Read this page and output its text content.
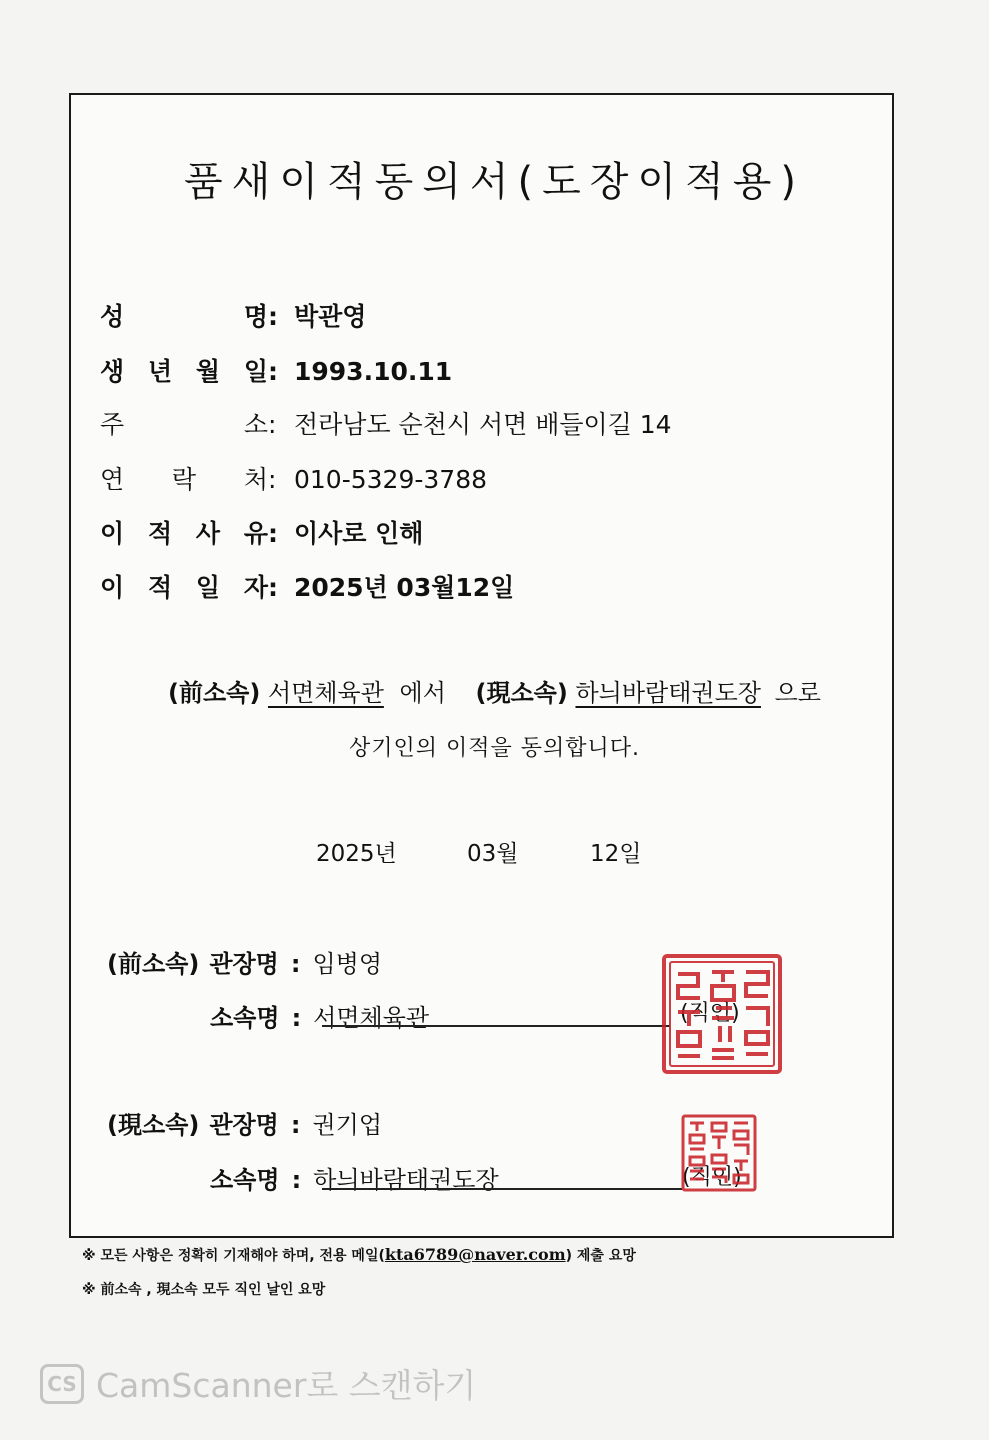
품새이적동의서(도장이적용)
성	명 : 박관영
생 년 월 일 : 1993.10.11
주	소 : 전라남도 순천시 서면 배들이길 14
연 락 처 : 010-5329-3788
이 적 사 유 : 이사로 인해
이 적 일 자 : 2025년 03월12일
(前소속) 서면체육관 에서 (現소속) 하늬바람태권도장 으로
상기인의 이적을 동의합니다.
2025년	03월	12일
(前소속) 관장명 : 임병영
소속명 : 서면체육관	(직인)
(現소속) 관장명 : 권기업
소속명 : 하늬바람태권도장	(직인)
※ 모든 사항은 정확히 기재해야 하며, 전용 메일(kta6789@naver.com) 제출 요망
※ 前소속 , 現소속 모두 직인 날인 요망
CS CamScanner로 스캔하기
